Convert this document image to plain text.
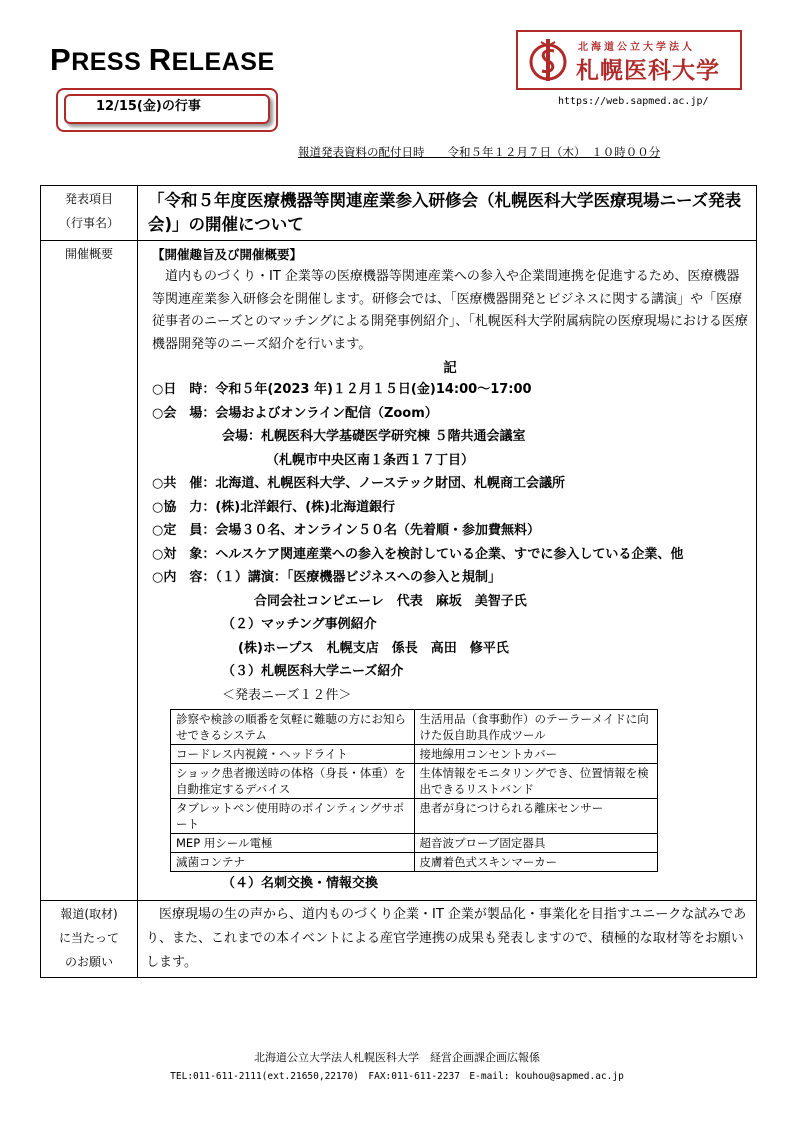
PRESS RELEASE
12/15(金)の行事
北海道公立大学法人
札幌医科大学
https://web.sapmed.ac.jp/
報道発表資料の配付日時　　令和５年１２月７日（木）　１０時００分
発表項目
（行事名）
	「令和５年度医療機器等関連産業参入研修会（札幌医科大学医療現場ニーズ発表会)」の開催について
開催概要	【開催趣旨及び開催概要】
道内ものづくり・IT 企業等の医療機器等関連産業への参入や企業間連携を促進するため、医療機器等関連産業参入研修会を開催します。研修会では、「医療機器開発とビジネスに関する講演」や「医療従事者のニーズとのマッチングによる開発事例紹介」、「札幌医科大学附属病院の医療現場における医療機器開発等のニーズ紹介を行います。
記
○日　時：令和５年(2023 年)１２月１５日(金)14:00～17:00
○会　場：会場およびオンライン配信（Zoom）
会場：札幌医科大学基礎医学研究棟 ５階共通会議室
（札幌市中央区南１条西１７丁目）
○共　催：北海道、札幌医科大学、ノーステック財団、札幌商工会議所
○協　力：(株)北洋銀行、(株)北海道銀行
○定　員：会場３０名、オンライン５０名（先着順・参加費無料）
○対　象：ヘルスケア関連産業への参入を検討している企業、すでに参入している企業、他
○内　容：（１）講演：「医療機器ビジネスへの参入と規制」
合同会社コンピエーレ　代表　麻坂　美智子氏
（２）マッチング事例紹介
(株)ホープス　札幌支店　係長　高田　修平氏
（３）札幌医科大学ニーズ紹介
＜発表ニーズ１２件＞
診察や検診の順番を気軽に難聴の方にお知らせできるシステム	生活用品（食事動作）のテーラーメイドに向けた仮自助具作成ツール
コードレス内視鏡・ヘッドライト	接地線用コンセントカバー
ショック患者搬送時の体格（身長・体重）を自動推定するデバイス	生体情報をモニタリングでき、位置情報を検出できるリストバンド
タブレットペン使用時のポインティングサポート	患者が身につけられる離床センサー
MEP 用シール電極	超音波プローブ固定器具
滅菌コンテナ	皮膚着色式スキンマーカー
（４）名刺交換・情報交換

報道(取材)
に当たって
のお願い
	医療現場の生の声から、道内ものづくり企業・IT 企業が製品化・事業化を目指すユニークな試みであり、また、これまでの本イベントによる産官学連携の成果も発表しますので、積極的な取材等をお願いします。
北海道公立大学法人札幌医科大学　経営企画課企画広報係
TEL:011-611-2111(ext.21650,22170)　FAX:011-611-2237　E-mail: kouhou@sapmed.ac.jp
